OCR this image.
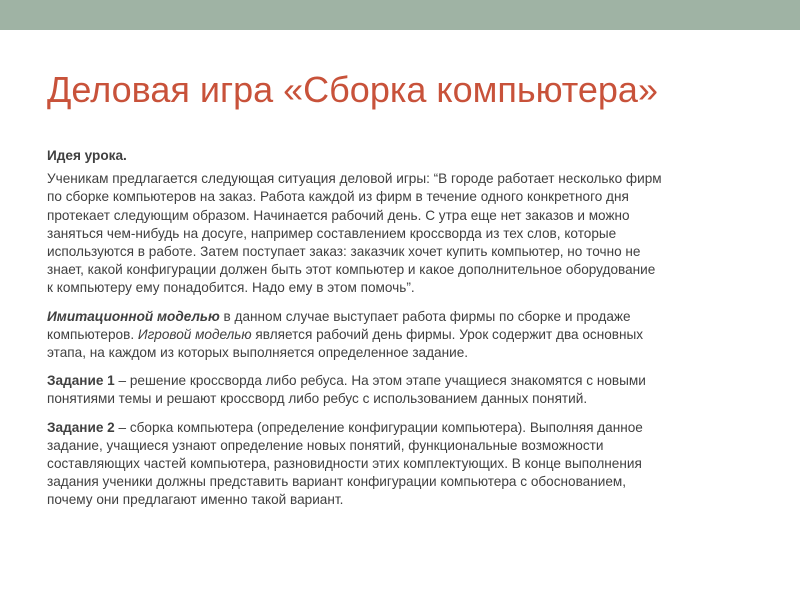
Деловая игра «Сборка компьютера»

Идея урока.

Ученикам предлагается следующая ситуация деловой игры: “В городе работает несколько фирм
по сборке компьютеров на заказ. Работа каждой из фирм в течение одного конкретного дня
протекает следующим образом. Начинается рабочий день. С утра еще нет заказов и можно
заняться чем-нибудь на досуге, например составлением кроссворда из тех слов, которые
используются в работе. Затем поступает заказ: заказчик хочет купить компьютер, но точно не
знает, какой конфигурации должен быть этот компьютер и какое дополнительное оборудование
к компьютеру ему понадобится. Надо ему в этом помочь”.

Имитационной моделью в данном случае выступает работа фирмы по сборке и продаже
компьютеров. Игровой моделью является рабочий день фирмы. Урок содержит два основных
этапа, на каждом из которых выполняется определенное задание.

Задание 1 – решение кроссворда либо ребуса. На этом этапе учащиеся знакомятся с новыми
понятиями темы и решают кроссворд либо ребус с использованием данных понятий.

Задание 2 – сборка компьютера (определение конфигурации компьютера). Выполняя данное
задание, учащиеся узнают определение новых понятий, функциональные возможности
составляющих частей компьютера, разновидности этих комплектующих. В конце выполнения
задания ученики должны представить вариант конфигурации компьютера с обоснованием,
почему они предлагают именно такой вариант.
